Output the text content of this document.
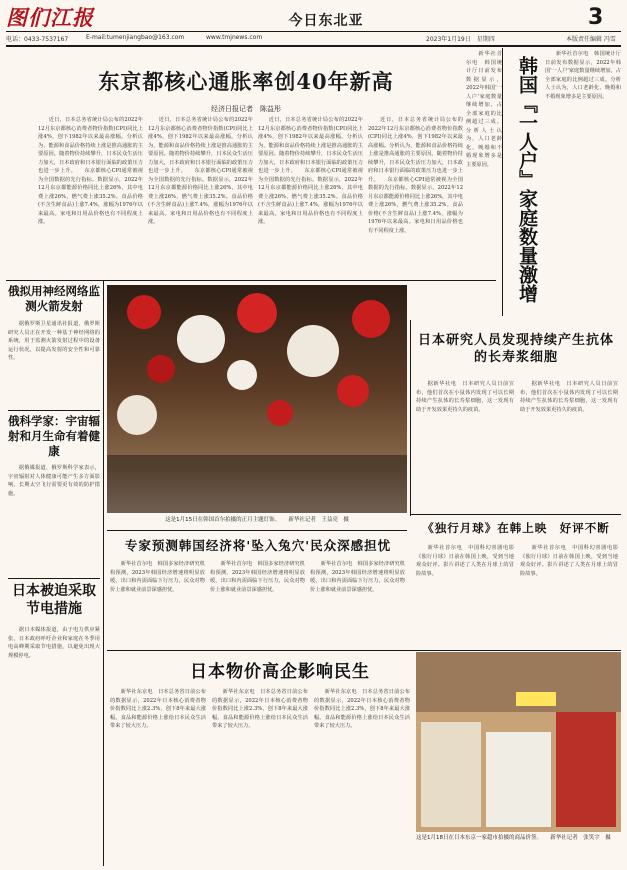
图们江报	今日东北亚	3
电话：0433-7537167	E-mail:tumenjiangbao@163.com	www.tmjnews.com	2023年1月19日　星期四	本版责任编辑 冯雪
东京都核心通胀率创40年新高
经济日报记者　陈益彤
　　近日，日本总务省统计局公布的2022年12月东京都核心消费者物价指数(CPI)同比上涨4%，创下1982年以来最高涨幅。分析认为，能源和食品价格持续上涨是推高通胀的主要原因。随着物价持续攀升，日本民众生活压力加大，日本政府和日本银行面临的政策压力也进一步上升。　　东京都核心CPI通常被视为全国数据的先行指标。数据显示，2022年12月东京都能源价格同比上涨26%，其中电费上涨26%，燃气费上涨35.2%。食品价格(不含生鲜食品)上涨7.4%，涨幅为1976年以来最高。家电和日用品价格也有不同程度上涨。
　　近日，日本总务省统计局公布的2022年12月东京都核心消费者物价指数(CPI)同比上涨4%，创下1982年以来最高涨幅。分析认为，能源和食品价格持续上涨是推高通胀的主要原因。随着物价持续攀升，日本民众生活压力加大，日本政府和日本银行面临的政策压力也进一步上升。　　东京都核心CPI通常被视为全国数据的先行指标。数据显示，2022年12月东京都能源价格同比上涨26%，其中电费上涨26%，燃气费上涨35.2%。食品价格(不含生鲜食品)上涨7.4%，涨幅为1976年以来最高。家电和日用品价格也有不同程度上涨。
　　近日，日本总务省统计局公布的2022年12月东京都核心消费者物价指数(CPI)同比上涨4%，创下1982年以来最高涨幅。分析认为，能源和食品价格持续上涨是推高通胀的主要原因。随着物价持续攀升，日本民众生活压力加大，日本政府和日本银行面临的政策压力也进一步上升。　　东京都核心CPI通常被视为全国数据的先行指标。数据显示，2022年12月东京都能源价格同比上涨26%，其中电费上涨26%，燃气费上涨35.2%。食品价格(不含生鲜食品)上涨7.4%，涨幅为1976年以来最高。家电和日用品价格也有不同程度上涨。
　　近日，日本总务省统计局公布的2022年12月东京都核心消费者物价指数(CPI)同比上涨4%，创下1982年以来最高涨幅。分析认为，能源和食品价格持续上涨是推高通胀的主要原因。随着物价持续攀升，日本民众生活压力加大，日本政府和日本银行面临的政策压力也进一步上升。　　东京都核心CPI通常被视为全国数据的先行指标。数据显示，2022年12月东京都能源价格同比上涨26%，其中电费上涨26%，燃气费上涨35.2%。食品价格(不含生鲜食品)上涨7.4%，涨幅为1976年以来最高。家电和日用品价格也有不同程度上涨。	韩国『一人户』家庭数量激增
　　新华社首尔电　韩国统计厅日前发布数据显示，2022年韩国'一人户'家庭数量继续增加，占全部家庭的比例超过三成。分析人士认为，人口老龄化、晚婚和不婚现象增多是主要原因。
　　新华社首尔电　韩国统计厅日前发布数据显示，2022年韩国'一人户'家庭数量继续增加，占全部家庭的比例超过三成。分析人士认为，人口老龄化、晚婚和不婚现象增多是主要原因。
俄拟用神经网络监测火箭发射
　　据俄罗斯卫星通讯社报道，俄罗斯研究人员正在开发一种基于神经网络的系统，用于监测火箭发射过程中的设备运行状况，以提高发射的安全性和可靠性。
俄科学家：宇宙辐射和月生命有着健康
　　据俄媒报道，俄罗斯科学家表示，宇宙辐射对人体健康可能产生多方面影响，长期太空飞行需要更有效的防护措施。
日本被迫采取节电措施
　　据日本媒体报道，由于电力供应紧张，日本政府呼吁企业和家庭在冬季用电高峰期采取节电措施，以避免出现大规模停电。
这是1月15日在韩国首尔拍摄的正月主题灯饰。　　新华社记者　王益亮　摄
日本研究人员发现持续产生抗体的长寿浆细胞
　　据新华社电　日本研究人员日前宣布，他们首次在小鼠体内发现了可以长期持续产生抗体的长寿浆细胞，这一发现有助于开发效果更持久的疫苗。
　　据新华社电　日本研究人员日前宣布，他们首次在小鼠体内发现了可以长期持续产生抗体的长寿浆细胞，这一发现有助于开发效果更持久的疫苗。
《独行月球》在韩上映　好评不断
　　新华社首尔电　中国科幻喜剧电影《独行月球》日前在韩国上映，受到当地观众好评。影片讲述了人类在月球上的冒险故事。
　　新华社首尔电　中国科幻喜剧电影《独行月球》日前在韩国上映，受到当地观众好评。影片讲述了人类在月球上的冒险故事。
专家预测韩国经济将'坠入兔穴'民众深感担忧
　　新华社首尔电　韩国多家经济研究机构预测，2023年韩国经济增速将明显放缓，出口和内需面临下行压力，民众对物价上涨和就业前景深感担忧。
　　新华社首尔电　韩国多家经济研究机构预测，2023年韩国经济增速将明显放缓，出口和内需面临下行压力，民众对物价上涨和就业前景深感担忧。
　　新华社首尔电　韩国多家经济研究机构预测，2023年韩国经济增速将明显放缓，出口和内需面临下行压力，民众对物价上涨和就业前景深感担忧。
日本物价高企影响民生
　　新华社东京电　日本总务省日前公布的数据显示，2022年日本核心消费者物价指数同比上涨2.3%，创下8年来最大涨幅。食品和能源价格上涨给日本民众生活带来了较大压力。
　　新华社东京电　日本总务省日前公布的数据显示，2022年日本核心消费者物价指数同比上涨2.3%，创下8年来最大涨幅。食品和能源价格上涨给日本民众生活带来了较大压力。
　　新华社东京电　日本总务省日前公布的数据显示，2022年日本核心消费者物价指数同比上涨2.3%，创下8年来最大涨幅。食品和能源价格上涨给日本民众生活带来了较大压力。
这是1月18日在日本东京一家超市拍摄的商品价签。　　新华社记者　张笑宇　摄
